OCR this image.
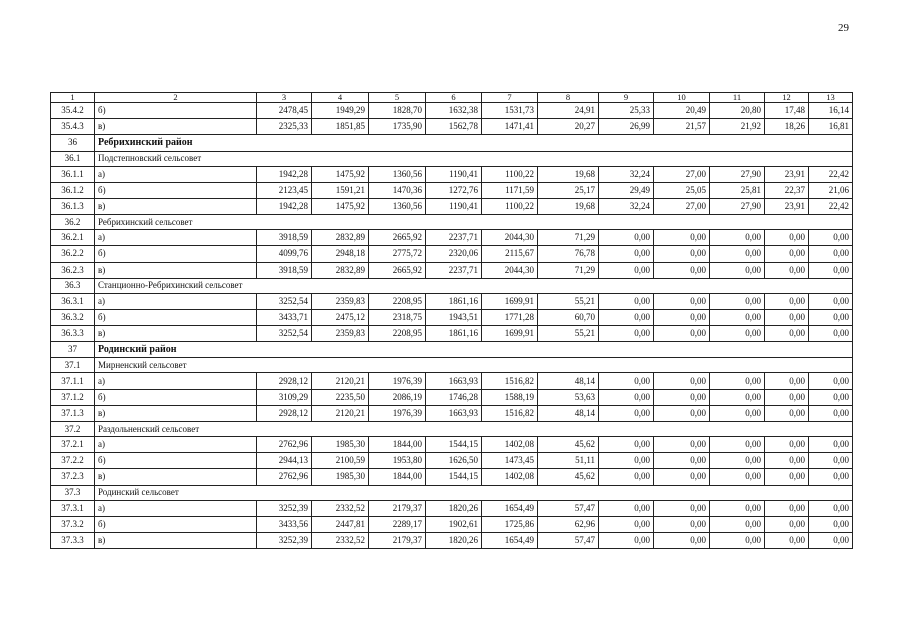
29
1	2	3	4	5	6	7	8	9	10	11	12	13
35.4.2	б)	2478,45	1949,29	1828,70	1632,38	1531,73	24,91	25,33	20,49	20,80	17,48	16,14
35.4.3	в)	2325,33	1851,85	1735,90	1562,78	1471,41	20,27	26,99	21,57	21,92	18,26	16,81
36	Ребрихинский район											
36.1	Подстепновский сельсовет											
36.1.1	а)	1942,28	1475,92	1360,56	1190,41	1100,22	19,68	32,24	27,00	27,90	23,91	22,42
36.1.2	б)	2123,45	1591,21	1470,36	1272,76	1171,59	25,17	29,49	25,05	25,81	22,37	21,06
36.1.3	в)	1942,28	1475,92	1360,56	1190,41	1100,22	19,68	32,24	27,00	27,90	23,91	22,42
36.2	Ребрихинский сельсовет											
36.2.1	а)	3918,59	2832,89	2665,92	2237,71	2044,30	71,29	0,00	0,00	0,00	0,00	0,00
36.2.2	б)	4099,76	2948,18	2775,72	2320,06	2115,67	76,78	0,00	0,00	0,00	0,00	0,00
36.2.3	в)	3918,59	2832,89	2665,92	2237,71	2044,30	71,29	0,00	0,00	0,00	0,00	0,00
36.3	Станционно-Ребрихинский сельсовет											
36.3.1	а)	3252,54	2359,83	2208,95	1861,16	1699,91	55,21	0,00	0,00	0,00	0,00	0,00
36.3.2	б)	3433,71	2475,12	2318,75	1943,51	1771,28	60,70	0,00	0,00	0,00	0,00	0,00
36.3.3	в)	3252,54	2359,83	2208,95	1861,16	1699,91	55,21	0,00	0,00	0,00	0,00	0,00
37	Родинский район											
37.1	Мирненский сельсовет											
37.1.1	а)	2928,12	2120,21	1976,39	1663,93	1516,82	48,14	0,00	0,00	0,00	0,00	0,00
37.1.2	б)	3109,29	2235,50	2086,19	1746,28	1588,19	53,63	0,00	0,00	0,00	0,00	0,00
37.1.3	в)	2928,12	2120,21	1976,39	1663,93	1516,82	48,14	0,00	0,00	0,00	0,00	0,00
37.2	Раздольненский сельсовет											
37.2.1	а)	2762,96	1985,30	1844,00	1544,15	1402,08	45,62	0,00	0,00	0,00	0,00	0,00
37.2.2	б)	2944,13	2100,59	1953,80	1626,50	1473,45	51,11	0,00	0,00	0,00	0,00	0,00
37.2.3	в)	2762,96	1985,30	1844,00	1544,15	1402,08	45,62	0,00	0,00	0,00	0,00	0,00
37.3	Родинский сельсовет											
37.3.1	а)	3252,39	2332,52	2179,37	1820,26	1654,49	57,47	0,00	0,00	0,00	0,00	0,00
37.3.2	б)	3433,56	2447,81	2289,17	1902,61	1725,86	62,96	0,00	0,00	0,00	0,00	0,00
37.3.3	в)	3252,39	2332,52	2179,37	1820,26	1654,49	57,47	0,00	0,00	0,00	0,00	0,00
